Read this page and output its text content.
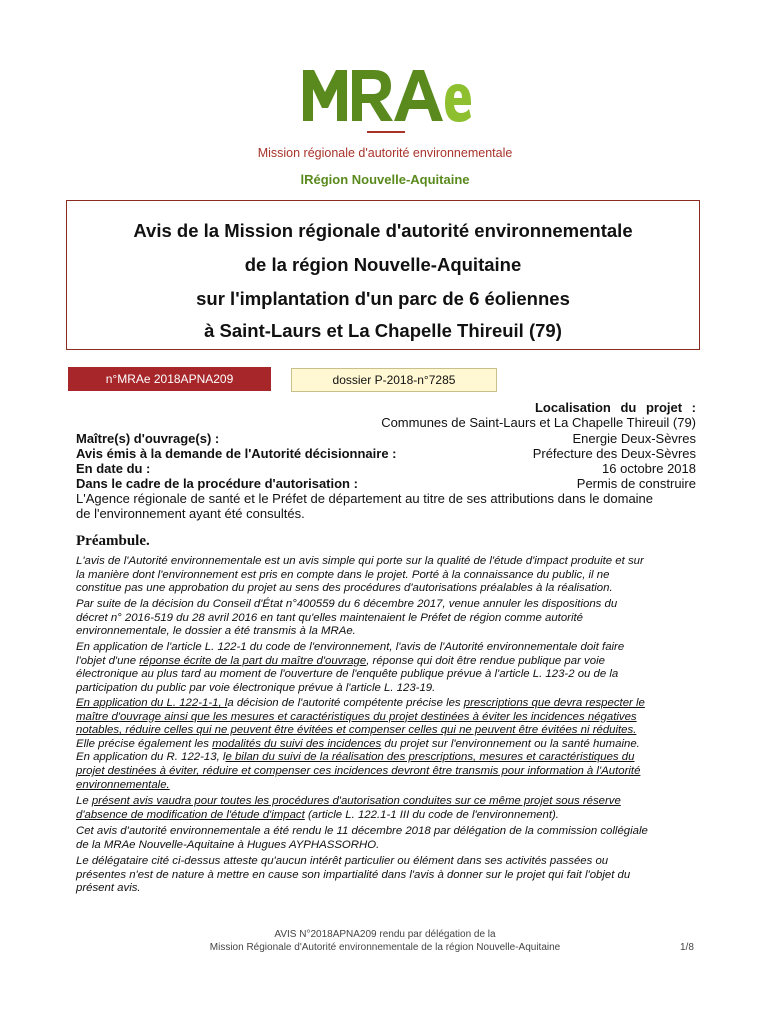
Mission régionale d'autorité environnementale
lRégion Nouvelle-Aquitaine
Avis de la Mission régionale d'autorité environnementale
de la région Nouvelle-Aquitaine
sur l'implantation d'un parc de 6 éoliennes
à Saint-Laurs et La Chapelle Thireuil (79)
n°MRAe 2018APNA209	dossier P-2018-n°7285
Localisation du projet :
Communes de Saint-Laurs et La Chapelle Thireuil (79)
Maître(s) d'ouvrage(s) :	Energie Deux-Sèvres
Avis émis à la demande de l'Autorité décisionnaire :	Préfecture des Deux-Sèvres
En date du :	16 octobre 2018
Dans le cadre de la procédure d'autorisation :	Permis de construire
L'Agence régionale de santé et le Préfet de département au titre de ses attributions dans le domaine
de l'environnement ayant été consultés.
Préambule.
L'avis de l'Autorité environnementale est un avis simple qui porte sur la qualité de l'étude d'impact produite et sur
la manière dont l'environnement est pris en compte dans le projet. Porté à la connaissance du public, il ne
constitue pas une approbation du projet au sens des procédures d'autorisations préalables à la réalisation.
Par suite de la décision du Conseil d'État n°400559 du 6 décembre 2017, venue annuler les dispositions du
décret n° 2016-519 du 28 avril 2016 en tant qu'elles maintenaient le Préfet de région comme autorité
environnementale, le dossier a été transmis à la MRAe.
En application de l'article L. 122-1 du code de l'environnement, l'avis de l'Autorité environnementale doit faire
l'objet d'une réponse écrite de la part du maître d'ouvrage, réponse qui doit être rendue publique par voie
électronique au plus tard au moment de l'ouverture de l'enquête publique prévue à l'article L. 123-2 ou de la
participation du public par voie électronique prévue à l'article L. 123-19.
En application du L. 122-1-1, la décision de l'autorité compétente précise les prescriptions que devra respecter le
maître d'ouvrage ainsi que les mesures et caractéristiques du projet destinées à éviter les incidences négatives
notables, réduire celles qui ne peuvent être évitées et compenser celles qui ne peuvent être évitées ni réduites.
Elle précise également les modalités du suivi des incidences du projet sur l'environnement ou la santé humaine.
En application du R. 122-13, le bilan du suivi de la réalisation des prescriptions, mesures et caractéristiques du
projet destinées à éviter, réduire et compenser ces incidences devront être transmis pour information à l'Autorité
environnementale.
Le présent avis vaudra pour toutes les procédures d'autorisation conduites sur ce même projet sous réserve
d'absence de modification de l'étude d'impact (article L. 122.1-1 III du code de l'environnement).
Cet avis d'autorité environnementale a été rendu le 11 décembre 2018 par délégation de la commission collégiale
de la MRAe Nouvelle-Aquitaine à Hugues AYPHASSORHO.
Le délégataire cité ci-dessus atteste qu'aucun intérêt particulier ou élément dans ses activités passées ou
présentes n'est de nature à mettre en cause son impartialité dans l'avis à donner sur le projet qui fait l'objet du
présent avis.
AVIS N°2018APNA209 rendu par délégation de la
Mission Régionale d'Autorité environnementale de la région Nouvelle-Aquitaine	1/8
